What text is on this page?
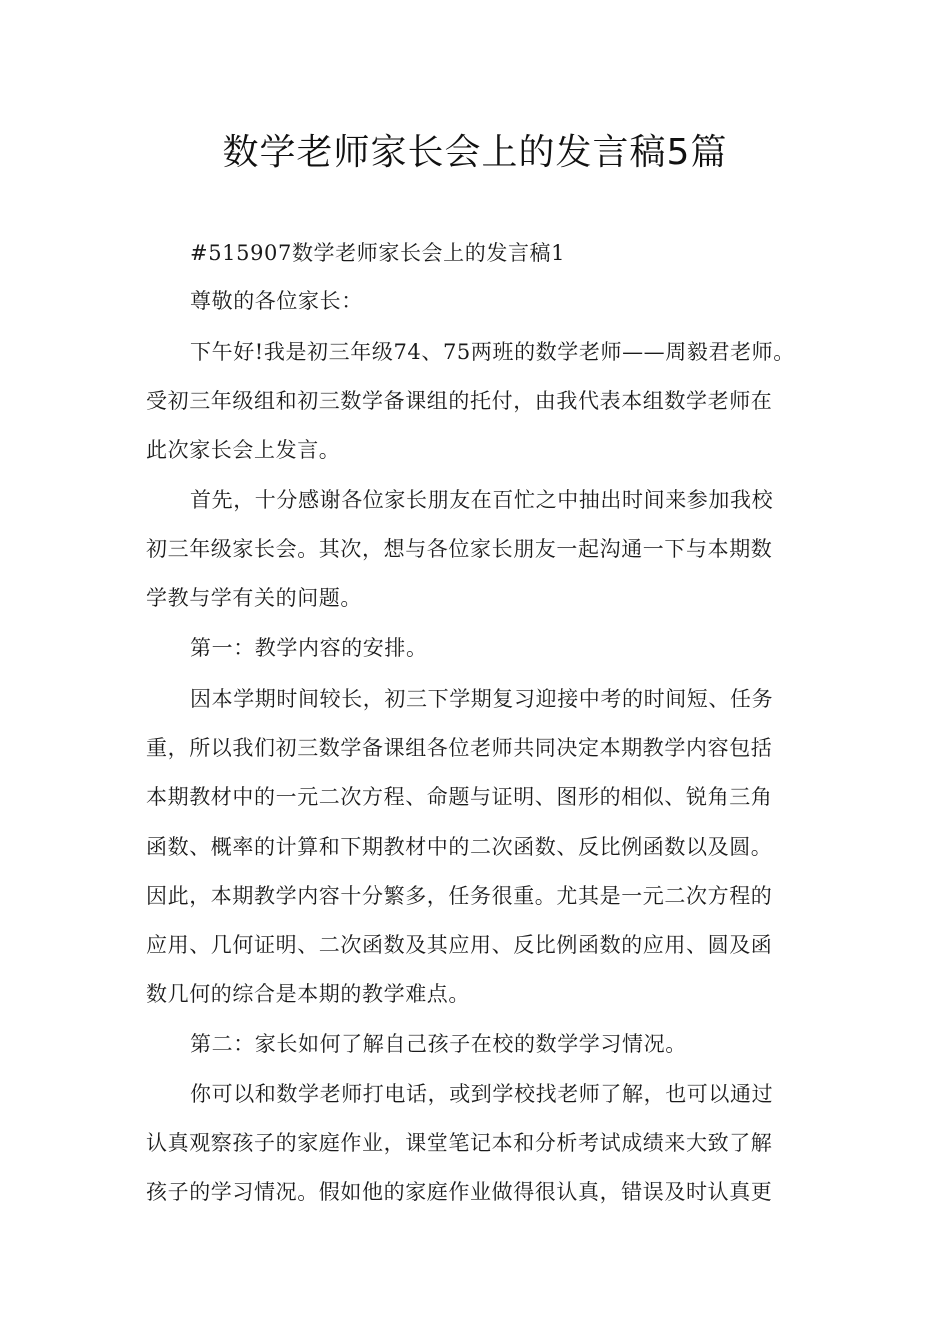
数学老师家长会上的发言稿5篇

#515907数学老师家长会上的发言稿1

尊敬的各位家长：

下午好!我是初三年级74、75两班的数学老师——周毅君老师。

受初三年级组和初三数学备课组的托付，由我代表本组数学老师在

此次家长会上发言。

首先，十分感谢各位家长朋友在百忙之中抽出时间来参加我校

初三年级家长会。其次，想与各位家长朋友一起沟通一下与本期数

学教与学有关的问题。

第一：教学内容的安排。

因本学期时间较长，初三下学期复习迎接中考的时间短、任务

重，所以我们初三数学备课组各位老师共同决定本期教学内容包括

本期教材中的一元二次方程、命题与证明、图形的相似、锐角三角

函数、概率的计算和下期教材中的二次函数、反比例函数以及圆。

因此，本期教学内容十分繁多，任务很重。尤其是一元二次方程的

应用、几何证明、二次函数及其应用、反比例函数的应用、圆及函

数几何的综合是本期的教学难点。

第二：家长如何了解自己孩子在校的数学学习情况。

你可以和数学老师打电话，或到学校找老师了解，也可以通过

认真观察孩子的家庭作业，课堂笔记本和分析考试成绩来大致了解

孩子的学习情况。假如他的家庭作业做得很认真，错误及时认真更
